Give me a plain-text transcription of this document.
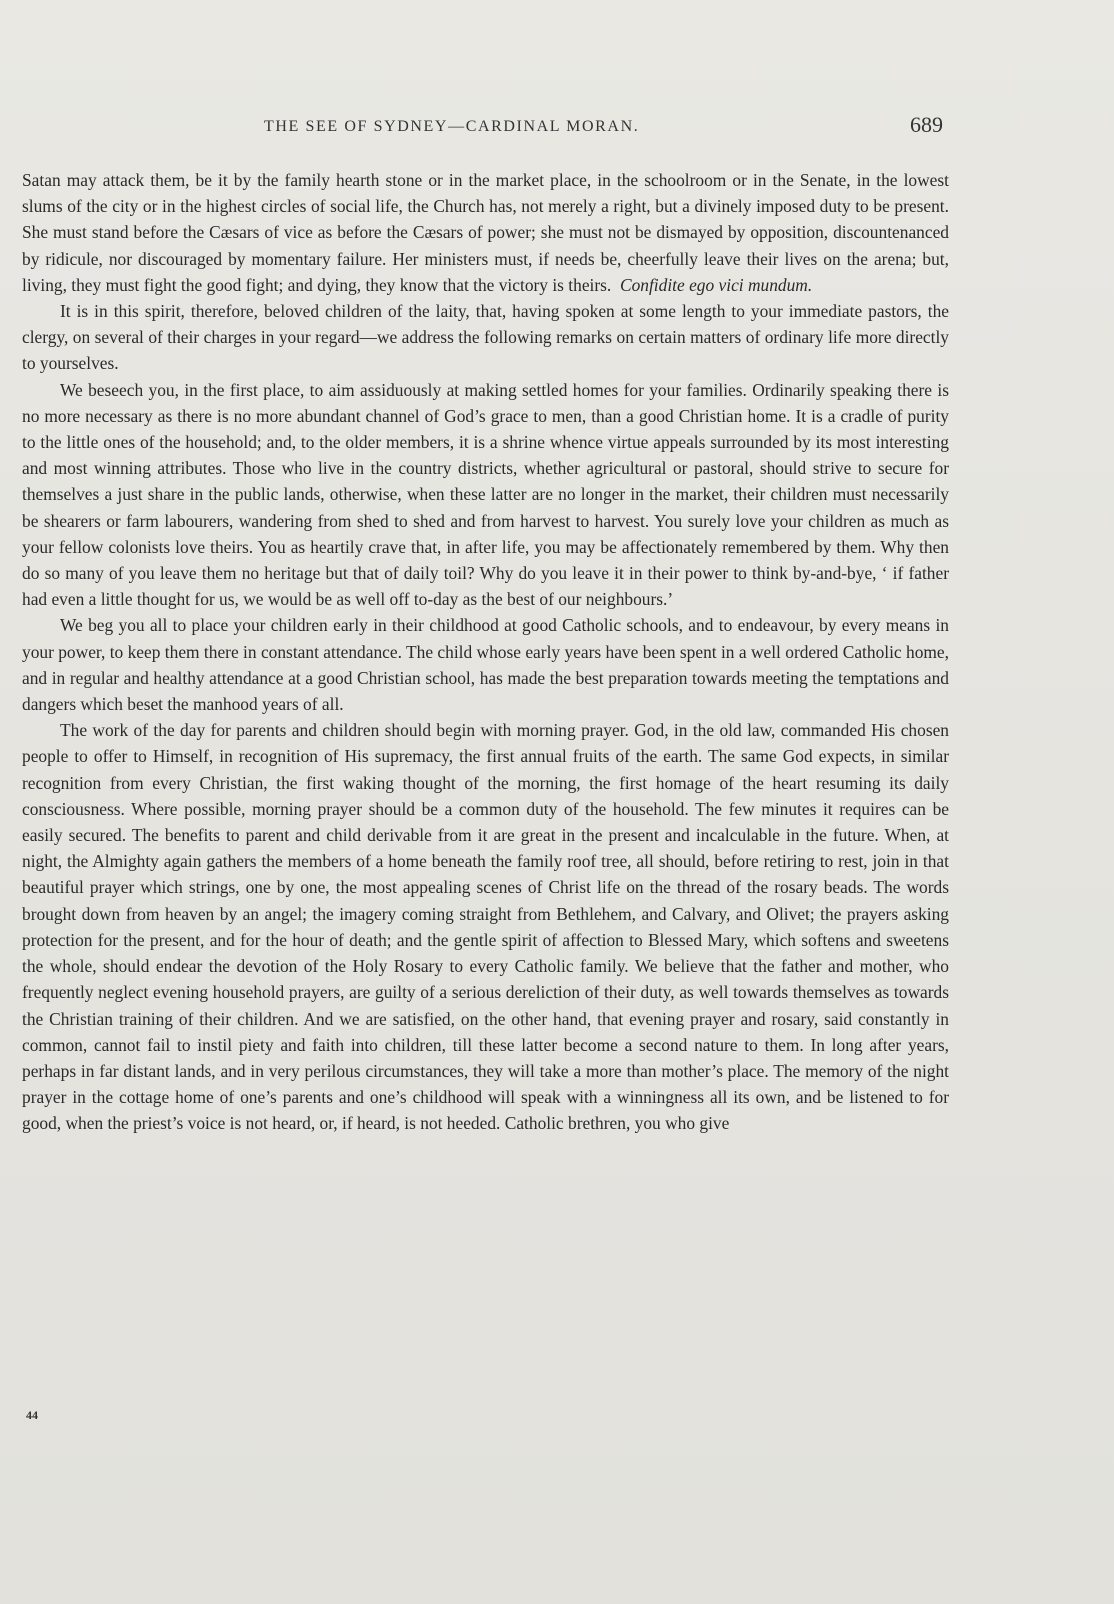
THE SEE OF SYDNEY—CARDINAL MORAN.	689

Satan may attack them, be it by the family hearth stone or in the market place, in the schoolroom or in the Senate, in the lowest slums of the city or in the highest circles of social life, the Church has, not merely a right, but a divinely imposed duty to be present. She must stand before the Cæsars of vice as before the Cæsars of power; she must not be dismayed by opposition, discountenanced by ridicule, nor discouraged by momentary failure. Her ministers must, if needs be, cheerfully leave their lives on the arena; but, living, they must fight the good fight; and dying, they know that the victory is theirs. Confidite ego vici mundum.

It is in this spirit, therefore, beloved children of the laity, that, having spoken at some length to your immediate pastors, the clergy, on several of their charges in your regard—we address the following remarks on certain matters of ordinary life more directly to yourselves.

We beseech you, in the first place, to aim assiduously at making settled homes for your families. Ordinarily speaking there is no more necessary as there is no more abundant channel of God’s grace to men, than a good Christian home. It is a cradle of purity to the little ones of the household; and, to the older members, it is a shrine whence virtue appeals surrounded by its most interesting and most winning attributes. Those who live in the country districts, whether agricultural or pastoral, should strive to secure for themselves a just share in the public lands, otherwise, when these latter are no longer in the market, their children must necessarily be shearers or farm labourers, wandering from shed to shed and from harvest to harvest. You surely love your children as much as your fellow colonists love theirs. You as heartily crave that, in after life, you may be affectionately remembered by them. Why then do so many of you leave them no heritage but that of daily toil? Why do you leave it in their power to think by-and-bye, ‘ if father had even a little thought for us, we would be as well off to-day as the best of our neighbours.’

We beg you all to place your children early in their childhood at good Catholic schools, and to endeavour, by every means in your power, to keep them there in constant attendance. The child whose early years have been spent in a well ordered Catholic home, and in regular and healthy attendance at a good Christian school, has made the best preparation towards meeting the temptations and dangers which beset the manhood years of all.

The work of the day for parents and children should begin with morning prayer. God, in the old law, commanded His chosen people to offer to Himself, in recognition of His supremacy, the first annual fruits of the earth. The same God expects, in similar recognition from every Christian, the first waking thought of the morning, the first homage of the heart resuming its daily consciousness. Where possible, morning prayer should be a common duty of the household. The few minutes it requires can be easily secured. The benefits to parent and child derivable from it are great in the present and incalculable in the future. When, at night, the Almighty again gathers the members of a home beneath the family roof tree, all should, before retiring to rest, join in that beautiful prayer which strings, one by one, the most appealing scenes of Christ life on the thread of the rosary beads. The words brought down from heaven by an angel; the imagery coming straight from Bethlehem, and Calvary, and Olivet; the prayers asking protection for the present, and for the hour of death; and the gentle spirit of affection to Blessed Mary, which softens and sweetens the whole, should endear the devotion of the Holy Rosary to every Catholic family. We believe that the father and mother, who frequently neglect evening household prayers, are guilty of a serious dereliction of their duty, as well towards themselves as towards the Christian training of their children. And we are satisfied, on the other hand, that evening prayer and rosary, said constantly in common, cannot fail to instil piety and faith into children, till these latter become a second nature to them. In long after years, perhaps in far distant lands, and in very perilous circumstances, they will take a more than mother’s place. The memory of the night prayer in the cottage home of one’s parents and one’s childhood will speak with a winningness all its own, and be listened to for good, when the priest’s voice is not heard, or, if heard, is not heeded. Catholic brethren, you who give

44
